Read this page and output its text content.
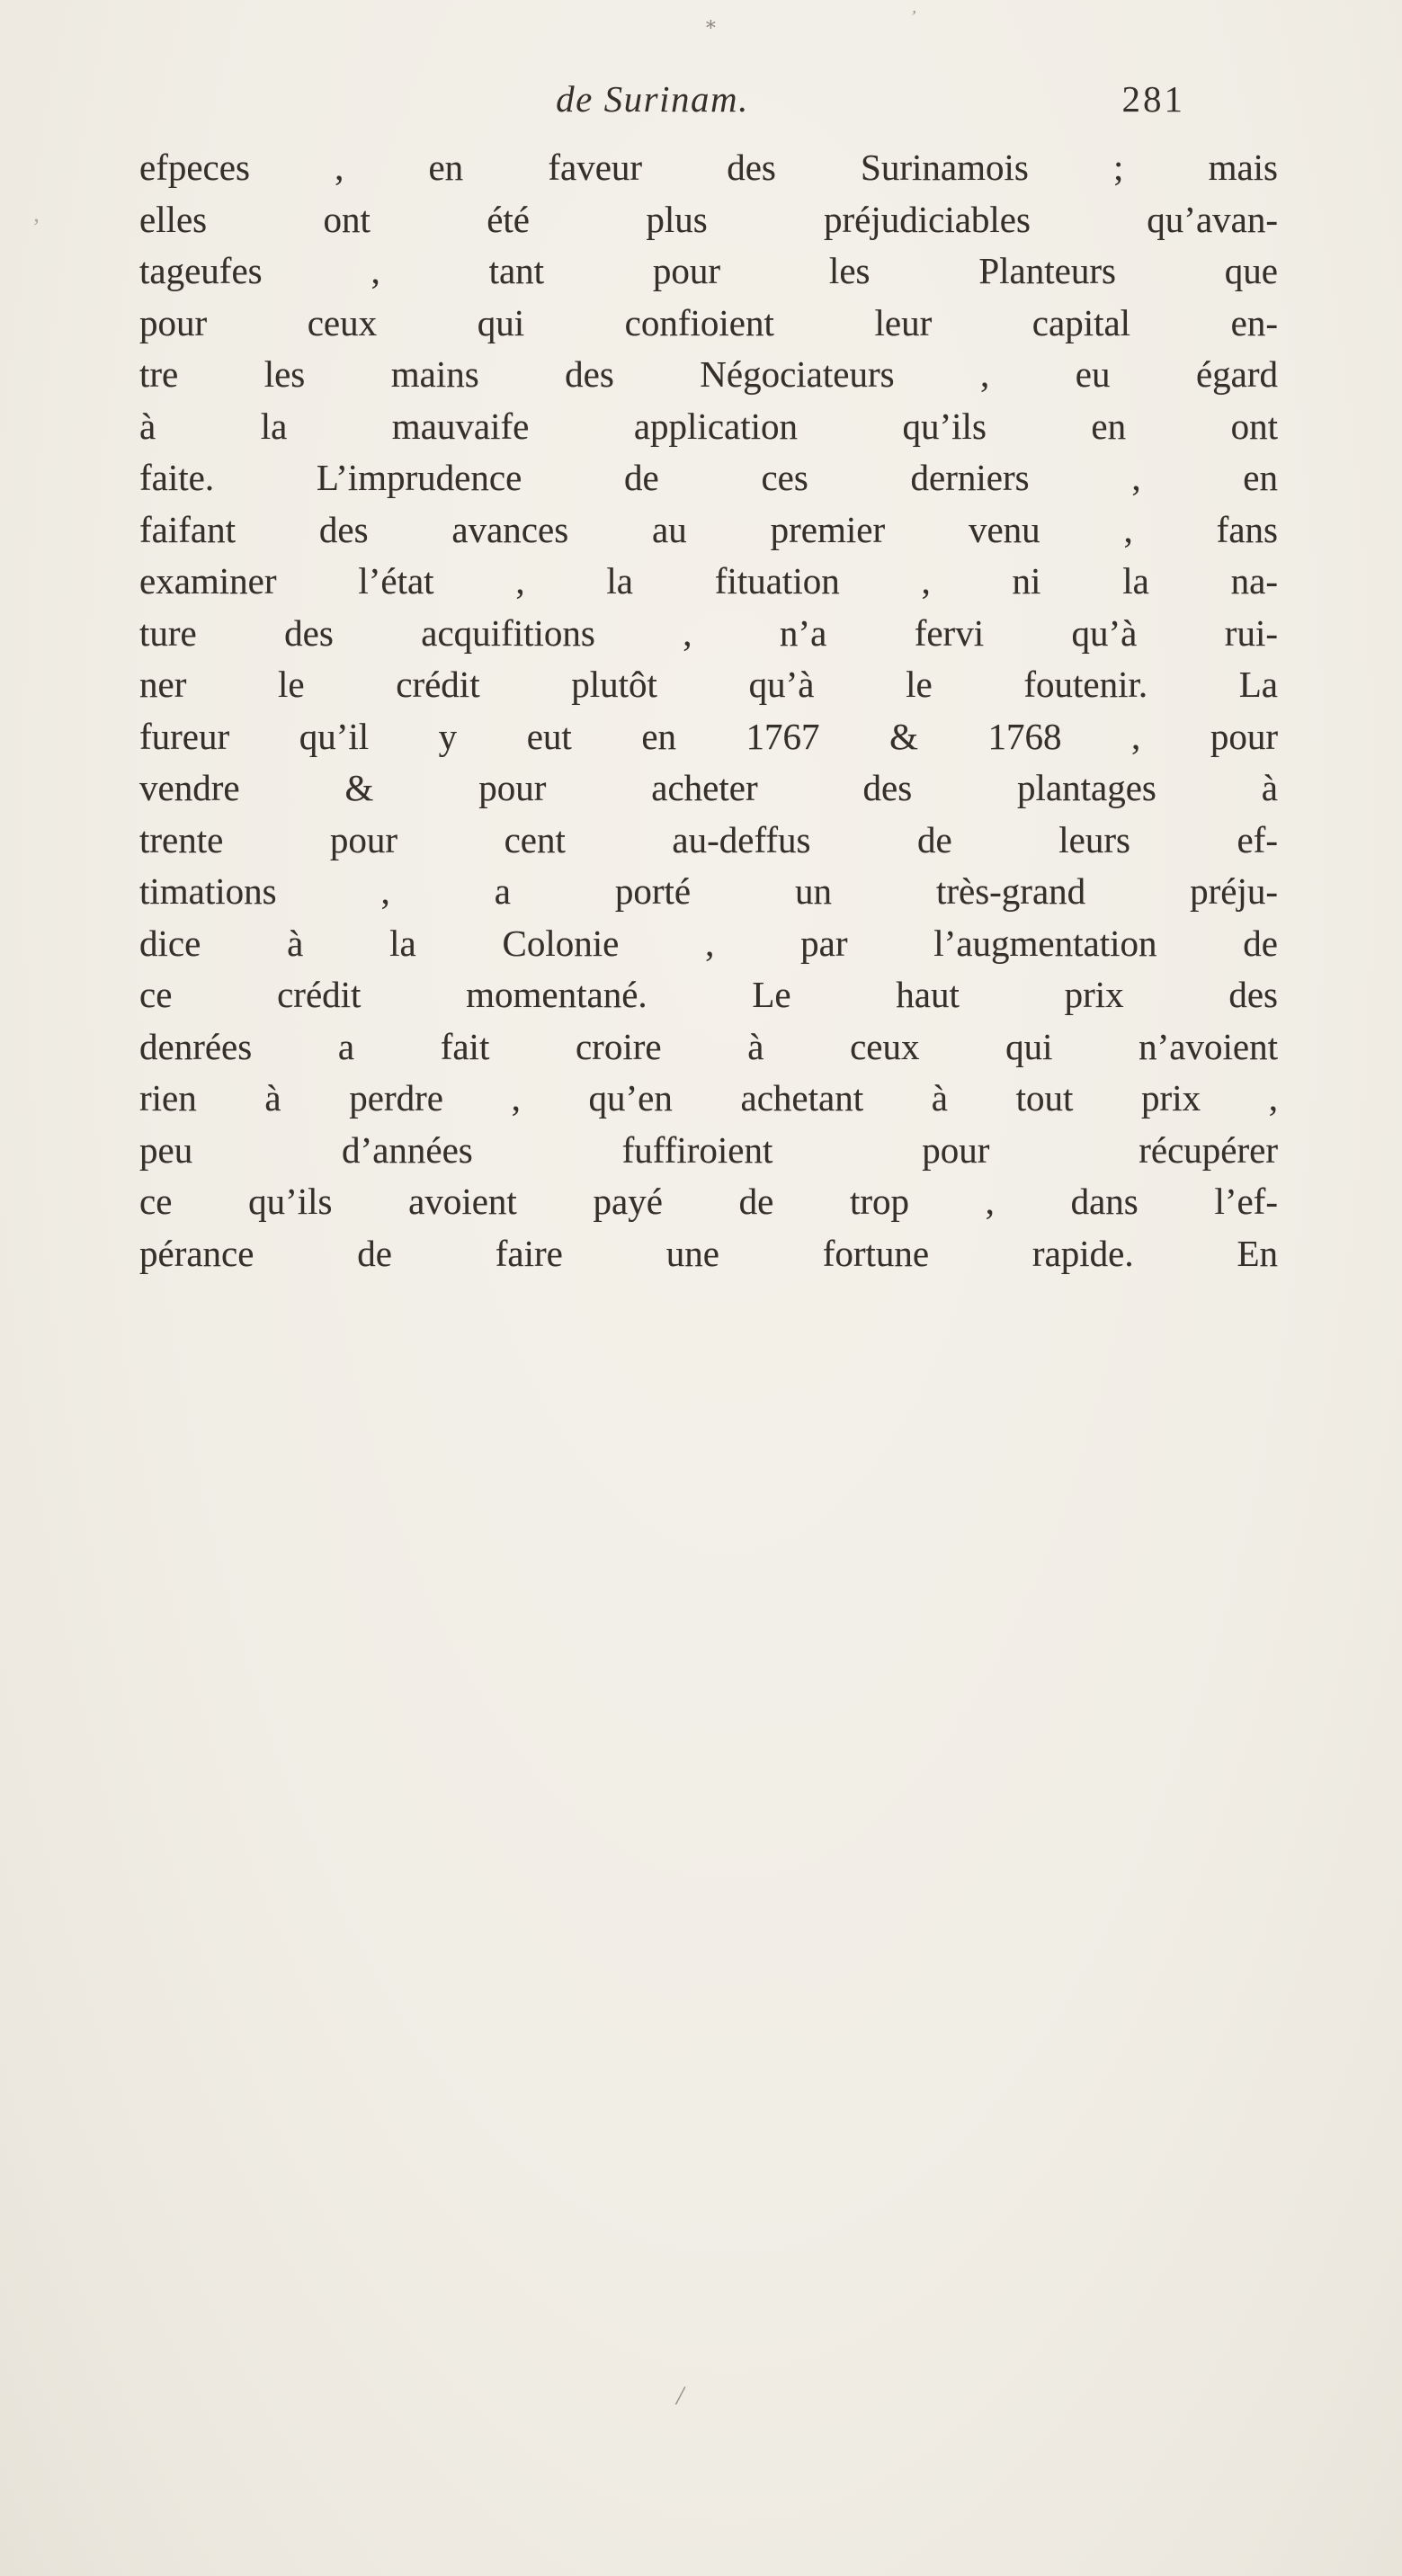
de Surinam.	281
efpeces , en faveur des Surinamois ; mais
elles ont été plus préjudiciables qu’avan-
tageufes , tant pour les Planteurs que
pour ceux qui confioient leur capital en-
tre les mains des Négociateurs , eu égard
à la mauvaife application qu’ils en ont
faite. L’imprudence de ces derniers , en
faifant des avances au premier venu , fans
examiner l’état , la fituation , ni la na-
ture des acquifitions , n’a fervi qu’à rui-
ner le crédit plutôt qu’à le foutenir. La
fureur qu’il y eut en 1767 & 1768 , pour
vendre & pour acheter des plantages à
trente pour cent au-deffus de leurs ef-
timations , a porté un très-grand préju-
dice à la Colonie , par l’augmentation de
ce crédit momentané. Le haut prix des
denrées a fait croire à ceux qui n’avoient
rien à perdre , qu’en achetant à tout prix ,
peu d’années fuffiroient pour récupérer
ce qu’ils avoient payé de trop , dans l’ef-
pérance de faire une fortune rapide. En
∗	ʼ
’
/
